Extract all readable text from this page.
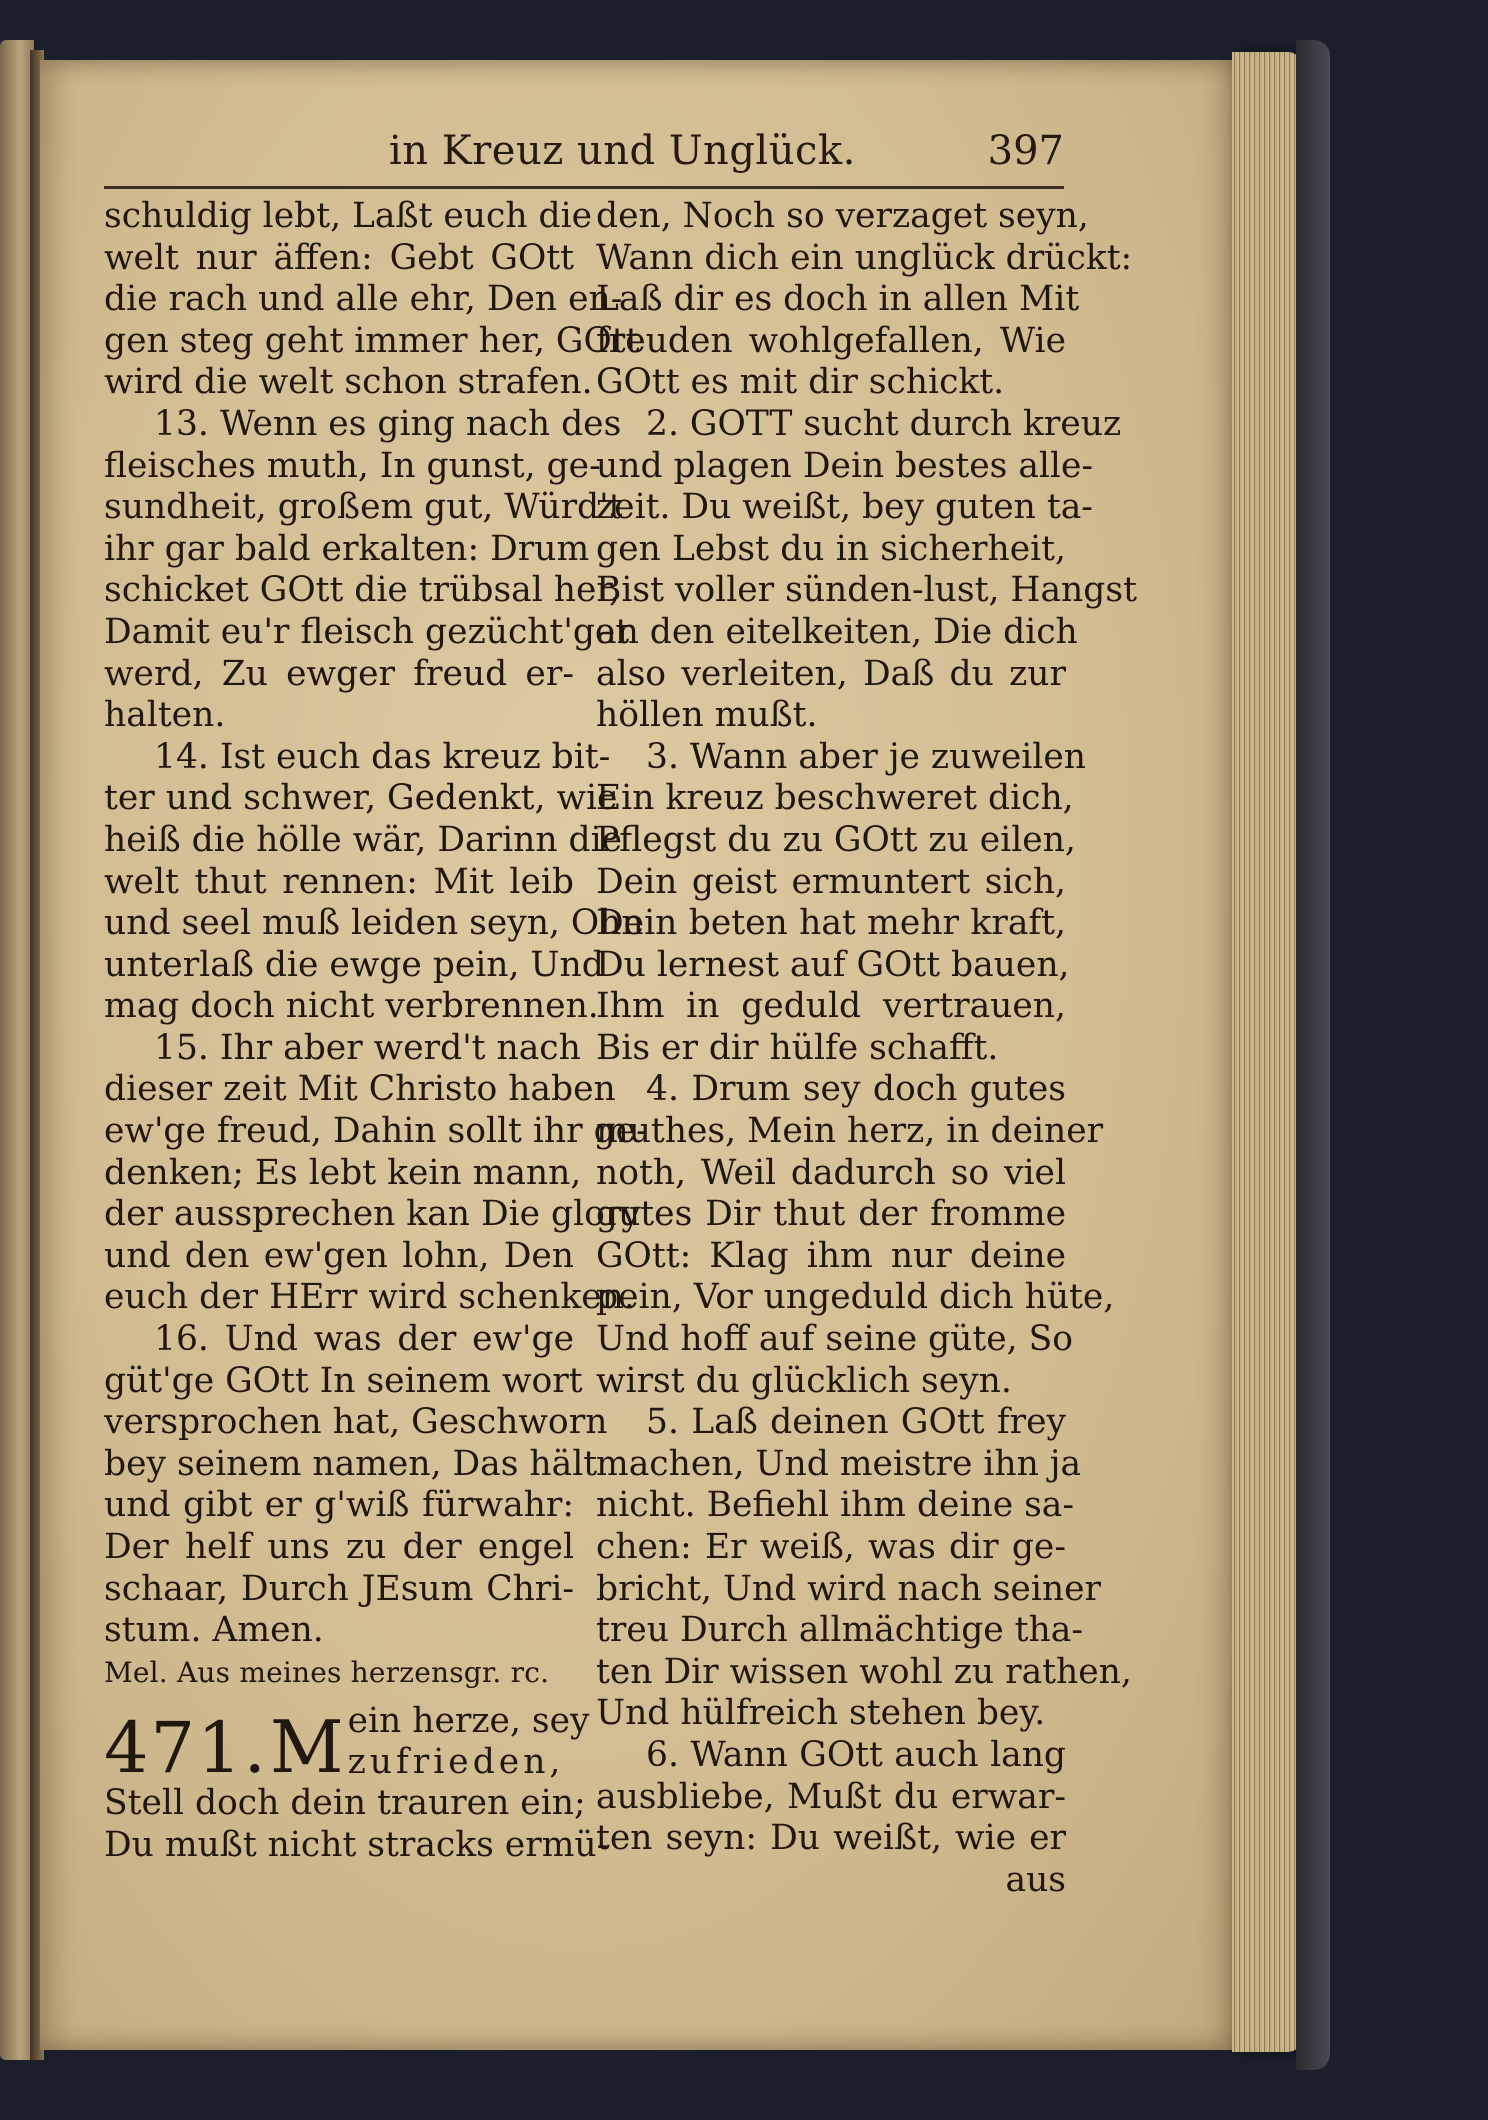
in Kreuz und Unglück.	397
schuldig lebt, Laßt euch die
welt nur äffen: Gebt GOtt
die rach und alle ehr, Den en-
gen steg geht immer her, GOtt
wird die welt schon strafen.
13. Wenn es ging nach des
fleisches muth, In gunst, ge-
sundheit, großem gut, Würd't
ihr gar bald erkalten: Drum
schicket GOtt die trübsal her,
Damit eu'r fleisch gezücht'get
werd, Zu ewger freud er-
halten.
14. Ist euch das kreuz bit-
ter und schwer, Gedenkt, wie
heiß die hölle wär, Darinn die
welt thut rennen: Mit leib
und seel muß leiden seyn, Ohn
unterlaß die ewge pein, Und
mag doch nicht verbrennen.
15. Ihr aber werd't nach
dieser zeit Mit Christo haben
ew'ge freud, Dahin sollt ihr ge-
denken; Es lebt kein mann,
der aussprechen kan Die glory
und den ew'gen lohn, Den
euch der HErr wird schenken.
16. Und was der ew'ge
güt'ge GOtt In seinem wort
versprochen hat, Geschworn
bey seinem namen, Das hält
und gibt er g'wiß fürwahr:
Der helf uns zu der engel
schaar, Durch JEsum Chri-
stum. Amen.
Mel. Aus meines herzensgr. rc.
471. M ein herze, sey
zufrieden,
Stell doch dein trauren ein;
Du mußt nicht stracks ermü-
den, Noch so verzaget seyn,
Wann dich ein unglück drückt:
Laß dir es doch in allen Mit
freuden wohlgefallen, Wie
GOtt es mit dir schickt.
2. GOTT sucht durch kreuz
und plagen Dein bestes alle-
zeit. Du weißt, bey guten ta-
gen Lebst du in sicherheit,
Bist voller sünden-lust, Hangst
an den eitelkeiten, Die dich
also verleiten, Daß du zur
höllen mußt.
3. Wann aber je zuweilen
Ein kreuz beschweret dich,
Pflegst du zu GOtt zu eilen,
Dein geist ermuntert sich,
Dein beten hat mehr kraft,
Du lernest auf GOtt bauen,
Ihm in geduld vertrauen,
Bis er dir hülfe schafft.
4. Drum sey doch gutes
muthes, Mein herz, in deiner
noth, Weil dadurch so viel
gutes Dir thut der fromme
GOtt: Klag ihm nur deine
pein, Vor ungeduld dich hüte,
Und hoff auf seine güte, So
wirst du glücklich seyn.
5. Laß deinen GOtt frey
machen, Und meistre ihn ja
nicht. Befiehl ihm deine sa-
chen: Er weiß, was dir ge-
bricht, Und wird nach seiner
treu Durch allmächtige tha-
ten Dir wissen wohl zu rathen,
Und hülfreich stehen bey.
6. Wann GOtt auch lang
ausbliebe, Mußt du erwar-
ten seyn: Du weißt, wie er
aus
